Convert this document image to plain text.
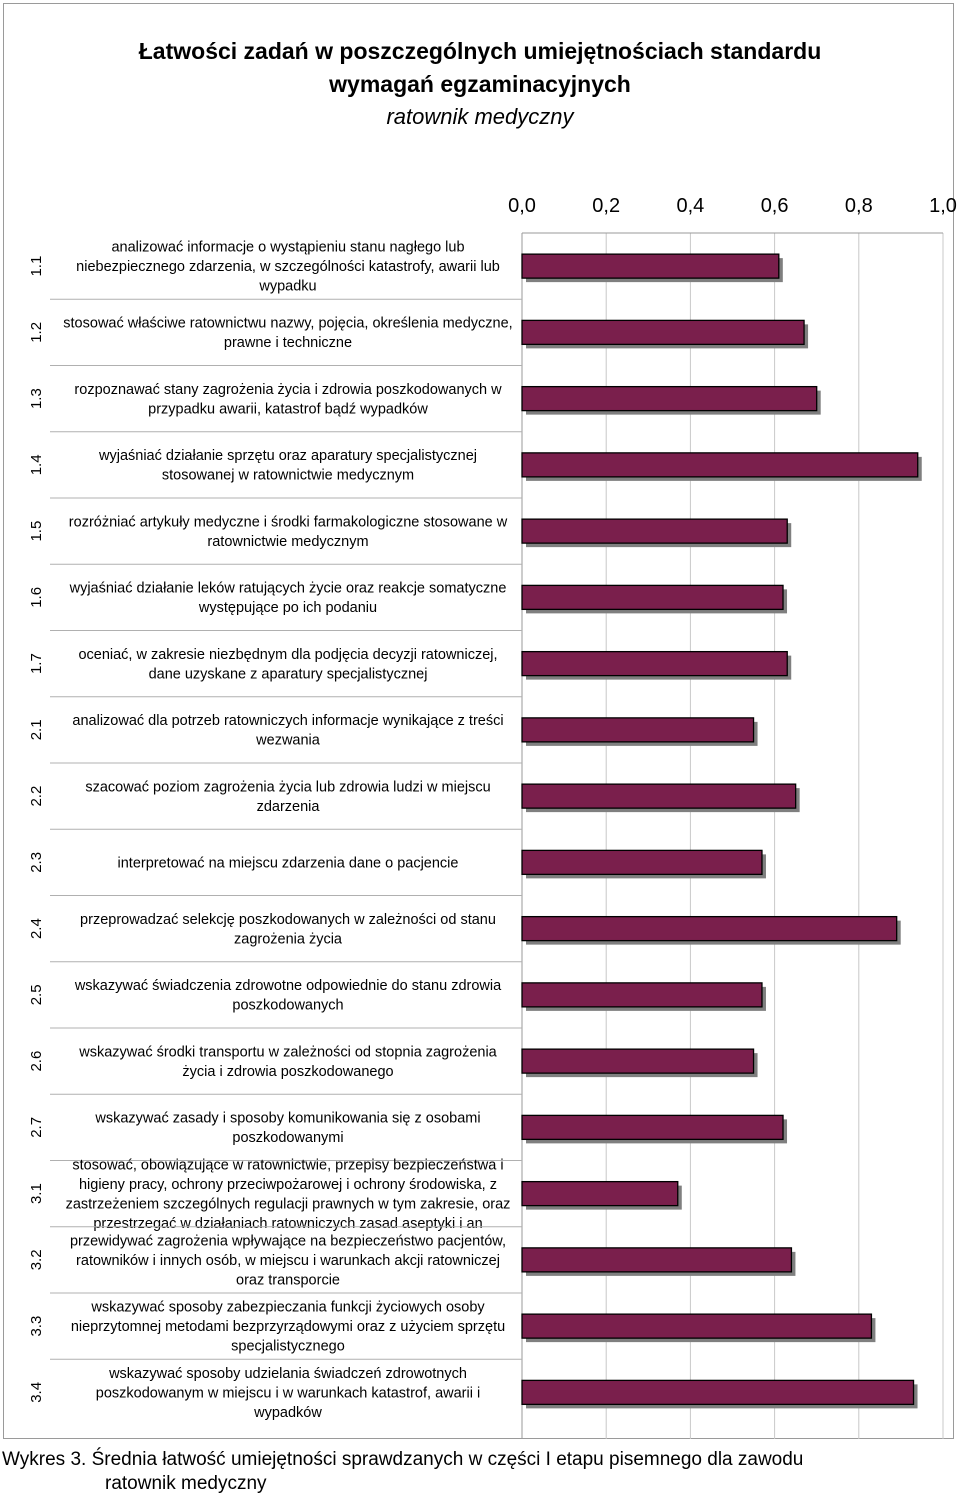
Łatwości zadań w poszczególnych umiejętnościach standardu
wymagań egzaminacyjnych
ratownik medyczny
0,0	0,2	0,4	0,6	0,8	1,0
1.1
analizować informacje o wystąpieniu stanu nagłego lub
niebezpiecznego zdarzenia, w szczególności katastrofy, awarii lub
wypadku
1.2 stosować właściwe ratownictwu nazwy, pojęcia, określenia medyczne,
prawne i techniczne
1.3 rozpoznawać stany zagrożenia życia i zdrowia poszkodowanych w
przypadku awarii, katastrof bądź wypadków
1.4	wyjaśniać działanie sprzętu oraz aparatury specjalistycznej
stosowanej w ratownictwie medycznym
1.5 rozróżniać artykuły medyczne i środki farmakologiczne stosowane w
ratownictwie medycznym
1.6 wyjaśniać działanie leków ratujących życie oraz reakcje somatyczne
występujące po ich podaniu
1.7 oceniać, w zakresie niezbędnym dla podjęcia decyzji ratowniczej,
dane uzyskane z aparatury specjalistycznej
2.1 analizować dla potrzeb ratowniczych informacje wynikające z treści
wezwania
2.2	szacować poziom zagrożenia życia lub zdrowia ludzi w miejscu
zdarzenia
2.3	interpretować na miejscu zdarzenia dane o pacjencie
2.4 przeprowadzać selekcję poszkodowanych w zależności od stanu
zagrożenia życia
2.5 wskazywać świadczenia zdrowotne odpowiednie do stanu zdrowia
poszkodowanych
2.6 wskazywać środki transportu w zależności od stopnia zagrożenia
życia i zdrowia poszkodowanego
2.7	wskazywać zasady i sposoby komunikowania się z osobami
poszkodowanymi
3.1
stosować, obowiązujące w ratownictwie, przepisy bezpieczeństwa i
higieny pracy, ochrony przeciwpożarowej i ochrony środowiska, z
zastrzeżeniem szczególnych regulacji prawnych w tym zakresie, oraz
przestrzegać w działaniach ratowniczych zasad aseptyki i an
3.2
przewidywać zagrożenia wpływające na bezpieczeństwo pacjentów,
ratowników i innych osób, w miejscu i warunkach akcji ratowniczej
oraz transporcie
3.3
wskazywać sposoby zabezpieczania funkcji życiowych osoby
nieprzytomnej metodami bezprzyrządowymi oraz z użyciem sprzętu
specjalistycznego
3.4
wskazywać sposoby udzielania świadczeń zdrowotnych
poszkodowanym w miejscu i w warunkach katastrof, awarii i
wypadków
Wykres 3. Średnia łatwość umiejętności sprawdzanych w części I etapu pisemnego dla zawodu
ratownik medyczny
